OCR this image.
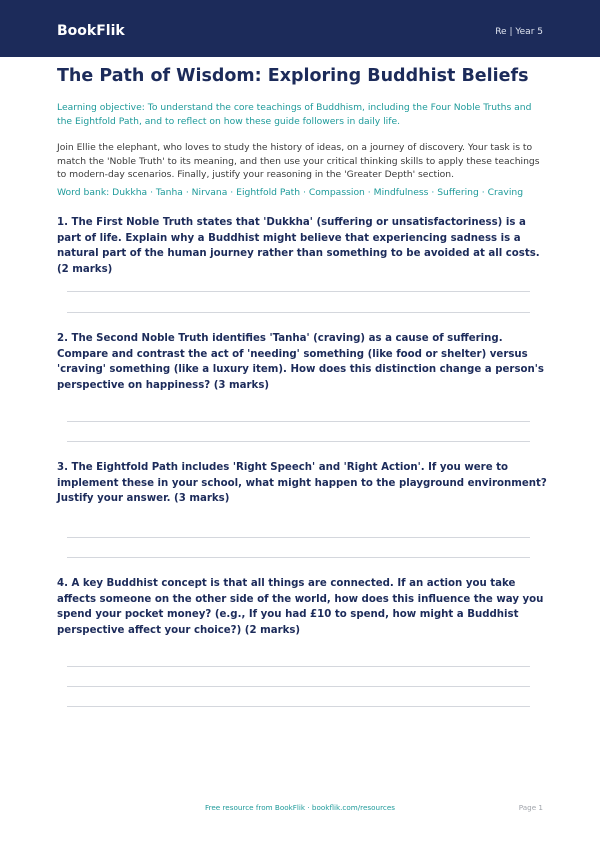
BookFlik	Re | Year 5
The Path of Wisdom: Exploring Buddhist Beliefs
Learning objective: To understand the core teachings of Buddhism, including the Four Noble Truths and the Eightfold Path, and to reflect on how these guide followers in daily life.
Join Ellie the elephant, who loves to study the history of ideas, on a journey of discovery. Your task is to match the 'Noble Truth' to its meaning, and then use your critical thinking skills to apply these teachings to modern-day scenarios. Finally, justify your reasoning in the 'Greater Depth' section.
Word bank: Dukkha · Tanha · Nirvana · Eightfold Path · Compassion · Mindfulness · Suffering · Craving
1. The First Noble Truth states that 'Dukkha' (suffering or unsatisfactoriness) is a part of life. Explain why a Buddhist might believe that experiencing sadness is a natural part of the human journey rather than something to be avoided at all costs. (2 marks)
2. The Second Noble Truth identifies 'Tanha' (craving) as a cause of suffering. Compare and contrast the act of 'needing' something (like food or shelter) versus 'craving' something (like a luxury item). How does this distinction change a person's perspective on happiness? (3 marks)
3. The Eightfold Path includes 'Right Speech' and 'Right Action'. If you were to implement these in your school, what might happen to the playground environment? Justify your answer. (3 marks)
4. A key Buddhist concept is that all things are connected. If an action you take affects someone on the other side of the world, how does this influence the way you spend your pocket money? (e.g., If you had £10 to spend, how might a Buddhist perspective affect your choice?) (2 marks)
Free resource from BookFlik · bookflik.com/resources	Page 1
